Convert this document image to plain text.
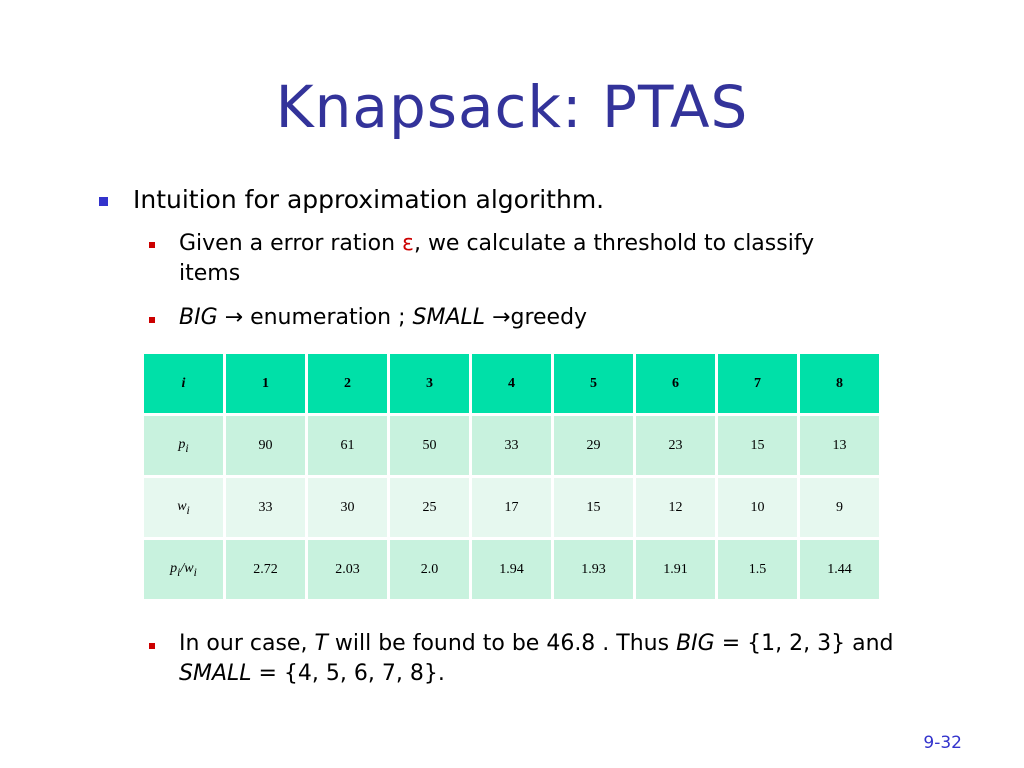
Knapsack: PTAS
Intuition for approximation algorithm.
Given a error ration ε, we calculate a threshold to classify
items
BIG → enumeration ; SMALL →greedy
i	1	2	3	4	5	6	7	8
$p_i$	90	61	50	33	29	23	15	13
$w_i$	33	30	25	17	15	12	10	9
$p_i/w_i$	2.72	2.03	2.0	1.94	1.93	1.91	1.5	1.44
In our case, T will be found to be 46.8 . Thus BIG = {1, 2, 3} and
SMALL = {4, 5, 6, 7, 8}.
9-32
